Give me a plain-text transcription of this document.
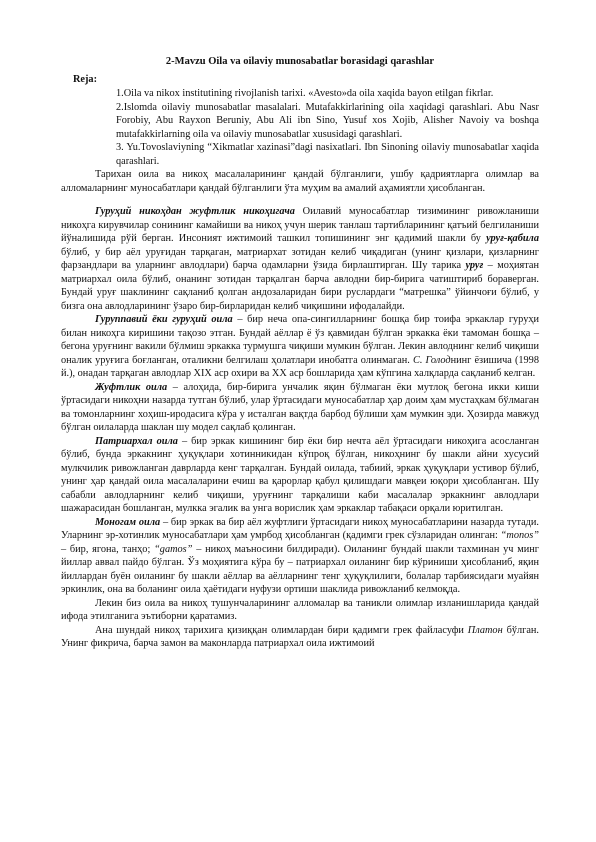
2-Mavzu Oila va oilaviy munosabatlar borasidagi qarashlar
Reja:
1.Oila va nikox institutining rivojlanish tarixi. «Avesto»da oila xaqida bayon etilgan fikrlar.
2.Islomda oilaviy munosabatlar masalalari. Mutafakkirlarining oila xaqidagi qarashlari. Abu Nasr Forobiy, Abu Rayxon Beruniy, Abu Ali ibn Sino, Yusuf xos Xojib, Alisher Navoiy va boshqa mutafakkirlarning oila va oilaviy munosabatlar xususidagi qarashlari.
3. Yu.Tovoslaviyning “Xikmatlar xazinasi”dagi nasixatlari. Ibn Sinoning oilaviy munosabatlar xaqida qarashlari.

Тарихан оила ва никоҳ масалаларининг қандай бўлганлиги, ушбу қадриятларга олимлар ва алломаларнинг муносабатлари қандай бўлганлиги ўта муҳим ва амалий аҳамиятли ҳисобланган.

Гуруҳий никоҳдан жуфтлик никоҳигача Оилавий муносабатлар тизимининг ривожланиши никоҳга кирувчилар сонининг камайиши ва никоҳ учун шерик танлаш тартибларининг қатъий белгиланиши йўналишида рўй берган. Инсоният ижтимоий ташкил топишининг энг қадимий шакли бу уруғ-қабила бўлиб, у бир аёл уруғидан тарқаган, матриархат зотидан келиб чиқадиган (унинг қизлари, қизларнинг фарзандлари ва уларнинг авлодлари) барча одамларни ўзида бирлаштирган. Шу тарика уруғ – моҳиятан матриархал оила бўлиб, онанинг зотидан тарқалган барча авлодни бир-бирига чатиштириб бораверган. Бундай уруғ шаклининг сақланиб қолган андозаларидан бири руслардаги “матрешка” ўйинчоғи бўлиб, у бизга она авлодларининг ўзаро бир-бирларидан келиб чиқишини ифодалайди.

Гуруппавий ёки гуруҳий оила – бир неча опа-сингилларнинг бошқа бир тоифа эркаклар гуруҳи билан никоҳга киришини тақозо этган. Бундай аёллар ё ўз қавмидан бўлган эркакка ёки тамоман бошқа – бегона уруғнинг вакили бўлмиш эркакка турмушга чиқиши мумкин бўлган. Лекин авлоднинг келиб чиқиши оналик уруғига боғланган, оталикни белгилаш ҳолатлари инобатга олинмаган. С. Голоднинг ёзишича (1998 й.), онадан тарқаган авлодлар XIX аср охири ва XX аср бошларида ҳам кўпгина халқларда сақланиб келган.

Жуфтлик оила – алоҳида, бир-бирига унчалик яқин бўлмаган ёки мутлоқ бегона икки киши ўртасидаги никоҳни назарда тутган бўлиб, улар ўртасидаги муносабатлар ҳар доим ҳам мустаҳкам бўлмаган ва томонларнинг хоҳиш-иродасига кўра у исталган вақтда барбод бўлиши ҳам мумкин эди. Ҳозирда мавжуд бўлган оилаларда шаклан шу модел сақлаб қолинган.

Патриархал оила – бир эркак кишининг бир ёки бир нечта аёл ўртасидаги никоҳига асосланган бўлиб, бунда эркакнинг ҳуқуқлари хотинникидан кўпроқ бўлган, никоҳнинг бу шакли айни хусусий мулкчилик ривожланган даврларда кенг тарқалган. Бундай оилада, табиий, эркак ҳуқуқлари устивор бўлиб, унинг ҳар қандай оила масалаларини ечиш ва қарорлар қабул қилишдаги мавқеи юқори ҳисобланган. Шу сабабли авлодларнинг келиб чиқиши, уруғнинг тарқалиши каби масалалар эркакнинг авлодлари шажарасидан бошланган, мулкка эгалик ва унга ворислик ҳам эркаклар табақаси орқали юритилган.

Моногам оила – бир эркак ва бир аёл жуфтлиги ўртасидаги никоҳ муносабатларини назарда тутади. Уларнинг эр-хотинлик муносабатлари ҳам умрбод ҳисобланган (қадимги грек сўзларидан олинган: “monos” – бир, ягона, танҳо; “gamos” – никоҳ маъносини билдиради). Оиланинг бундай шакли тахминан уч минг йиллар аввал пайдо бўлган. Ўз моҳиятига кўра бу – патриархал оиланинг бир кўриниши ҳисобланиб, яқин йиллардан буён оиланинг бу шакли аёллар ва аёлларнинг тенг ҳуқуқлилиги, болалар тарбиясидаги муайян эркинлик, она ва боланинг оила ҳаётидаги нуфузи ортиши шаклида ривожланиб келмоқда.

Лекин биз оила ва никоҳ тушунчаларининг алломалар ва таникли олимлар изланишларида қандай ифода этилганига эътиборни қаратамиз.

Ана шундай никоҳ тарихига қизиққан олимлардан бири қадимги грек файласуфи Платон бўлган. Унинг фикрича, барча замон ва маконларда патриархал оила ижтимоий
